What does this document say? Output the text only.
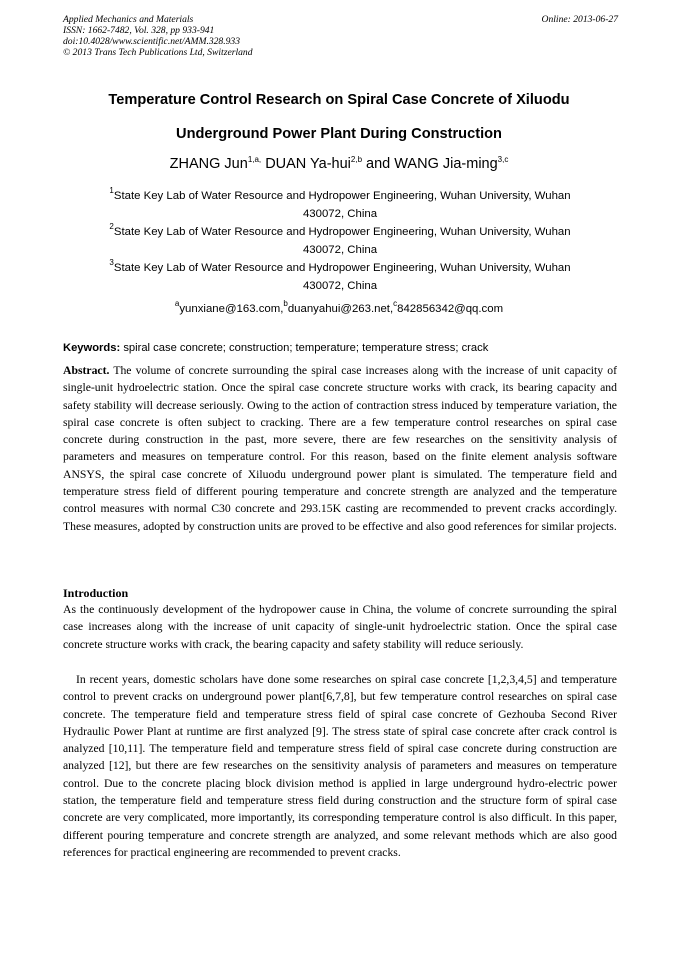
Applied Mechanics and Materials
ISSN: 1662-7482, Vol. 328, pp 933-941
doi:10.4028/www.scientific.net/AMM.328.933
© 2013 Trans Tech Publications Ltd, Switzerland
Online: 2013-06-27
Temperature Control Research on Spiral Case Concrete of Xiluodu
Underground Power Plant During Construction
ZHANG Jun$^{1,a,}$ DUAN Ya-hui$^{2,b}$ and WANG Jia-ming$^{3,c}$
$^1$State Key Lab of Water Resource and Hydropower Engineering, Wuhan University, Wuhan
430072, China
$^2$State Key Lab of Water Resource and Hydropower Engineering, Wuhan University, Wuhan
430072, China
$^3$State Key Lab of Water Resource and Hydropower Engineering, Wuhan University, Wuhan
430072, China
$^a$yunxiane@163.com,$^b$duanyahui@263.net,$^c$842856342@qq.com
Keywords: spiral case concrete; construction; temperature; temperature stress; crack
Abstract. The volume of concrete surrounding the spiral case increases along with the increase of unit capacity of single-unit hydroelectric station. Once the spiral case concrete structure works with crack, its bearing capacity and safety stability will decrease seriously. Owing to the action of contraction stress induced by temperature variation, the spiral case concrete is often subject to cracking. There are a few temperature control researches on spiral case concrete during construction in the past, more severe, there are few researches on the sensitivity analysis of parameters and measures on temperature control. For this reason, based on the finite element analysis software ANSYS, the spiral case concrete of Xiluodu underground power plant is simulated. The temperature field and temperature stress field of different pouring temperature and concrete strength are analyzed and the temperature control measures with normal C30 concrete and 293.15K casting are recommended to prevent cracks accordingly. These measures, adopted by construction units are proved to be effective and also good references for similar projects.
Introduction
As the continuously development of the hydropower cause in China, the volume of concrete surrounding the spiral case increases along with the increase of unit capacity of single-unit hydroelectric station. Once the spiral case concrete structure works with crack, the bearing capacity and safety stability will reduce seriously.
In recent years, domestic scholars have done some researches on spiral case concrete [1,2,3,4,5] and temperature control to prevent cracks on underground power plant[6,7,8], but few temperature control researches on spiral case concrete. The temperature field and temperature stress field of spiral case concrete of Gezhouba Second River Hydraulic Power Plant at runtime are first analyzed [9]. The stress state of spiral case concrete after crack control is analyzed [10,11]. The temperature field and temperature stress field of spiral case concrete during construction are analyzed [12], but there are few researches on the sensitivity analysis of parameters and measures on temperature control. Due to the concrete placing block division method is applied in large underground hydro-electric power station, the temperature field and temperature stress field during construction and the structure form of spiral case concrete are very complicated, more importantly, its corresponding temperature control is also difficult. In this paper, different pouring temperature and concrete strength are analyzed, and some relevant methods which are also good references for practical engineering are recommended to prevent cracks.
